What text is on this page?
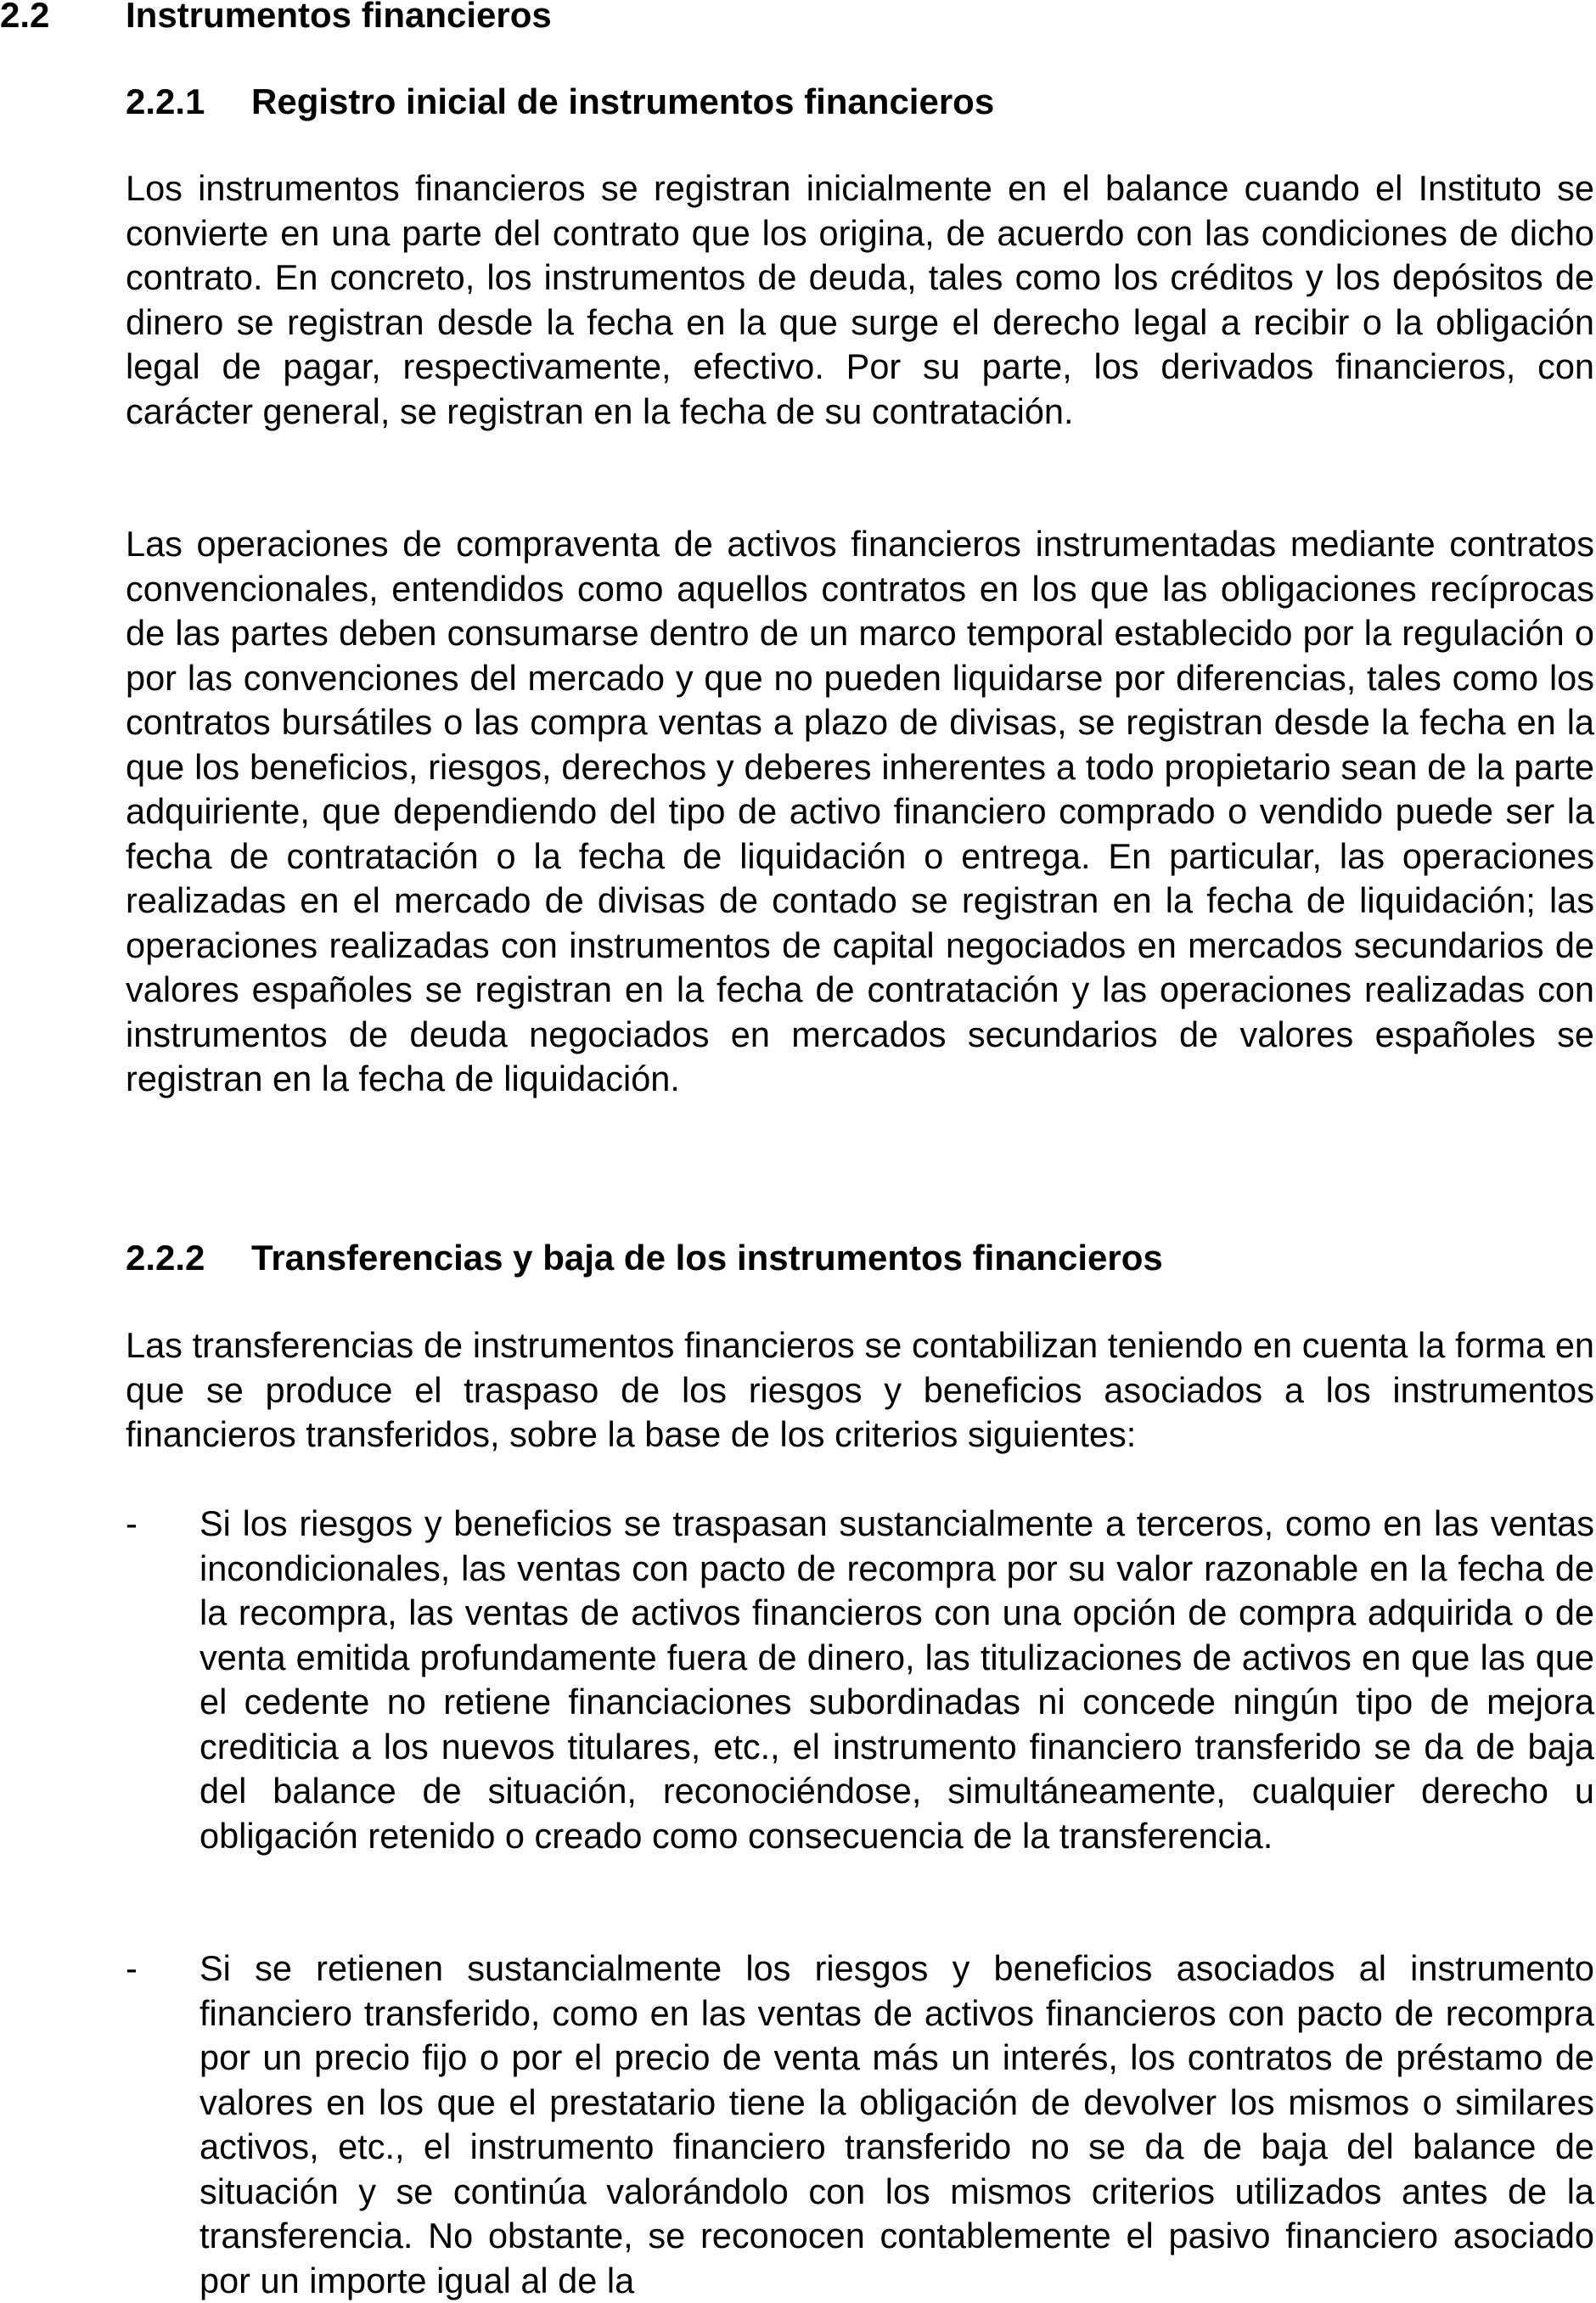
2.2 Instrumentos financieros
2.2.1 Registro inicial de instrumentos financieros

Los instrumentos financieros se registran inicialmente en el balance cuando el Instituto se convierte en una parte del contrato que los origina, de acuerdo con las condiciones de dicho contrato. En concreto, los instrumentos de deuda, tales como los créditos y los depósitos de dinero se registran desde la fecha en la que surge el derecho legal a recibir o la obligación legal de pagar, respectivamente, efectivo. Por su parte, los derivados financieros, con carácter general, se registran en la fecha de su contratación.

Las operaciones de compraventa de activos financieros instrumentadas mediante contratos convencionales, entendidos como aquellos contratos en los que las obligaciones recíprocas de las partes deben consumarse dentro de un marco temporal establecido por la regulación o por las convenciones del mercado y que no pueden liquidarse por diferencias, tales como los contratos bursátiles o las compra ventas a plazo de divisas, se registran desde la fecha en la que los beneficios, riesgos, derechos y deberes inherentes a todo propietario sean de la parte adquiriente, que dependiendo del tipo de activo financiero comprado o vendido puede ser la fecha de contratación o la fecha de liquidación o entrega. En particular, las operaciones realizadas en el mercado de divisas de contado se registran en la fecha de liquidación; las operaciones realizadas con instrumentos de capital negociados en mercados secundarios de valores españoles se registran en la fecha de contratación y las operaciones realizadas con instrumentos de deuda negociados en mercados secundarios de valores españoles se registran en la fecha de liquidación.

2.2.2 Transferencias y baja de los instrumentos financieros

Las transferencias de instrumentos financieros se contabilizan teniendo en cuenta la forma en que se produce el traspaso de los riesgos y beneficios asociados a los instrumentos financieros transferidos, sobre la base de los criterios siguientes:

- Si los riesgos y beneficios se traspasan sustancialmente a terceros, como en las ventas incondicionales, las ventas con pacto de recompra por su valor razonable en la fecha de la recompra, las ventas de activos financieros con una opción de compra adquirida o de venta emitida profundamente fuera de dinero, las titulizaciones de activos en que las que el cedente no retiene financiaciones subordinadas ni concede ningún tipo de mejora crediticia a los nuevos titulares, etc., el instrumento financiero transferido se da de baja del balance de situación, reconociéndose, simultáneamente, cualquier derecho u obligación retenido o creado como consecuencia de la transferencia.

- Si se retienen sustancialmente los riesgos y beneficios asociados al instrumento financiero transferido, como en las ventas de activos financieros con pacto de recompra por un precio fijo o por el precio de venta más un interés, los contratos de préstamo de valores en los que el prestatario tiene la obligación de devolver los mismos o similares activos, etc., el instrumento financiero transferido no se da de baja del balance de situación y se continúa valorándolo con los mismos criterios utilizados antes de la transferencia. No obstante, se reconocen contablemente el pasivo financiero asociado por un importe igual al de la
